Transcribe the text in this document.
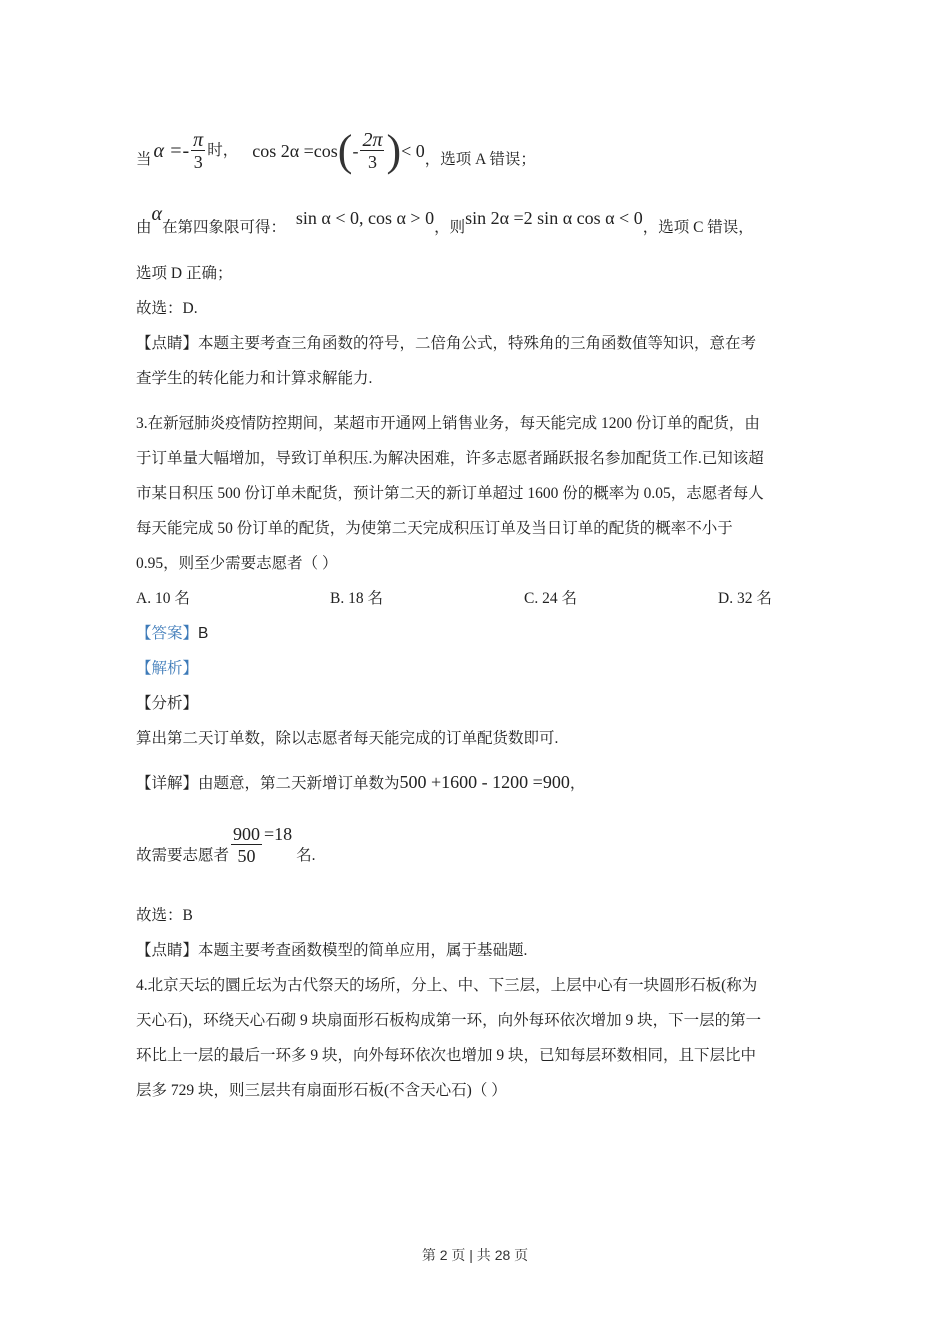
当 $\alpha =- \frac{\pi}{3}$ 时， cos 2α =cos ( - $\frac{2\pi}{3}$ ) < 0 ，选项 A 错误；
由α在第四象限可得： sin α < 0, cos α > 0，则sin 2α =2 sin α cos α < 0，选项 C 错误，
选项 D 正确；
故选：D.
【点睛】本题主要考查三角函数的符号，二倍角公式，特殊角的三角函数值等知识，意在考
查学生的转化能力和计算求解能力.
3.在新冠肺炎疫情防控期间，某超市开通网上销售业务，每天能完成 1200 份订单的配货，由
于订单量大幅增加，导致订单积压.为解决困难，许多志愿者踊跃报名参加配货工作.已知该超
市某日积压 500 份订单未配货，预计第二天的新订单超过 1600 份的概率为 0.05，志愿者每人
每天能完成 50 份订单的配货，为使第二天完成积压订单及当日订单的配货的概率不小于
0.95，则至少需要志愿者（ ）
A. 10 名	B. 18 名	C. 24 名	D. 32 名
【答案】B
【解析】
【分析】
算出第二天订单数，除以志愿者每天能完成的订单配货数即可.
【详解】由题意，第二天新增订单数为500 +1600 - 1200 =900，
故需要志愿者 $\frac{900}{50} =18$
名.
故选：B
【点睛】本题主要考查函数模型的简单应用，属于基础题.
4.北京天坛的圜丘坛为古代祭天的场所，分上、中、下三层，上层中心有一块圆形石板(称为
天心石)，环绕天心石砌 9 块扇面形石板构成第一环，向外每环依次增加 9 块，下一层的第一
环比上一层的最后一环多 9 块，向外每环依次也增加 9 块，已知每层环数相同，且下层比中
层多 729 块，则三层共有扇面形石板(不含天心石)（ ）
第 2 页 | 共 28 页
